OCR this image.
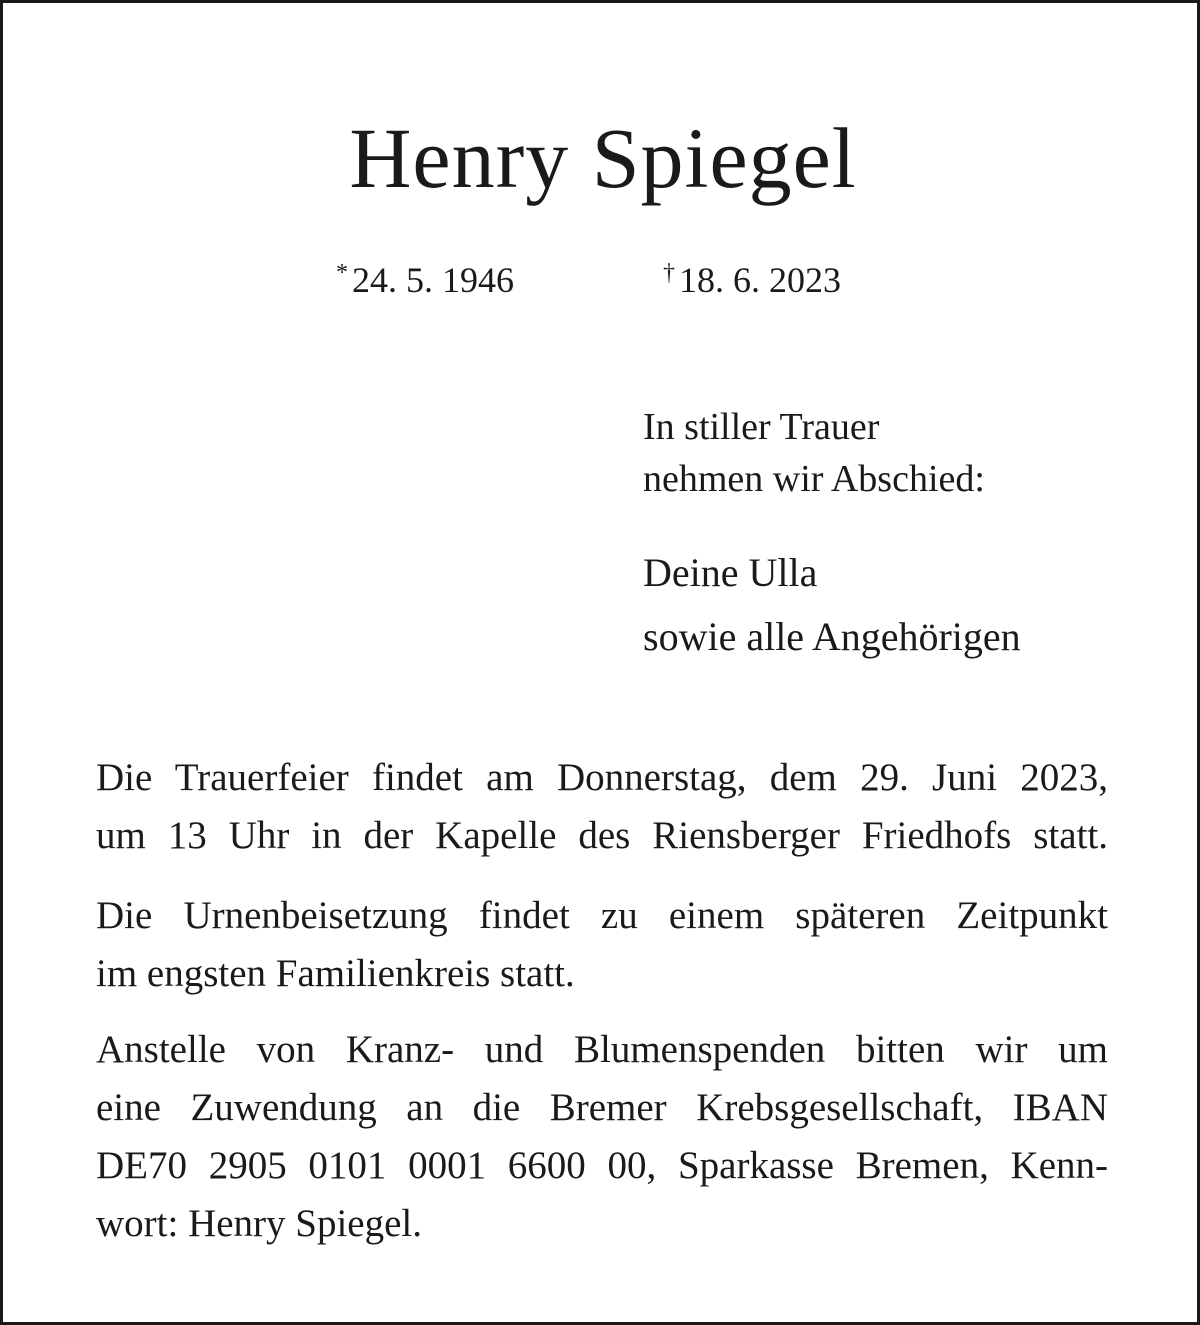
Henry Spiegel
* 24. 5. 1946	† 18. 6. 2023
In stiller Trauer
nehmen wir Abschied:
Deine Ulla
sowie alle Angehörigen
Die Trauerfeier findet am Donnerstag, dem 29. Juni 2023,
um 13 Uhr in der Kapelle des Riensberger Friedhofs statt.
Die Urnenbeisetzung findet zu einem späteren Zeitpunkt
im engsten Familienkreis statt.
Anstelle von Kranz- und Blumenspenden bitten wir um
eine Zuwendung an die Bremer Krebsgesellschaft, IBAN
DE70 2905 0101 0001 6600 00, Sparkasse Bremen, Kenn-
wort: Henry Spiegel.
